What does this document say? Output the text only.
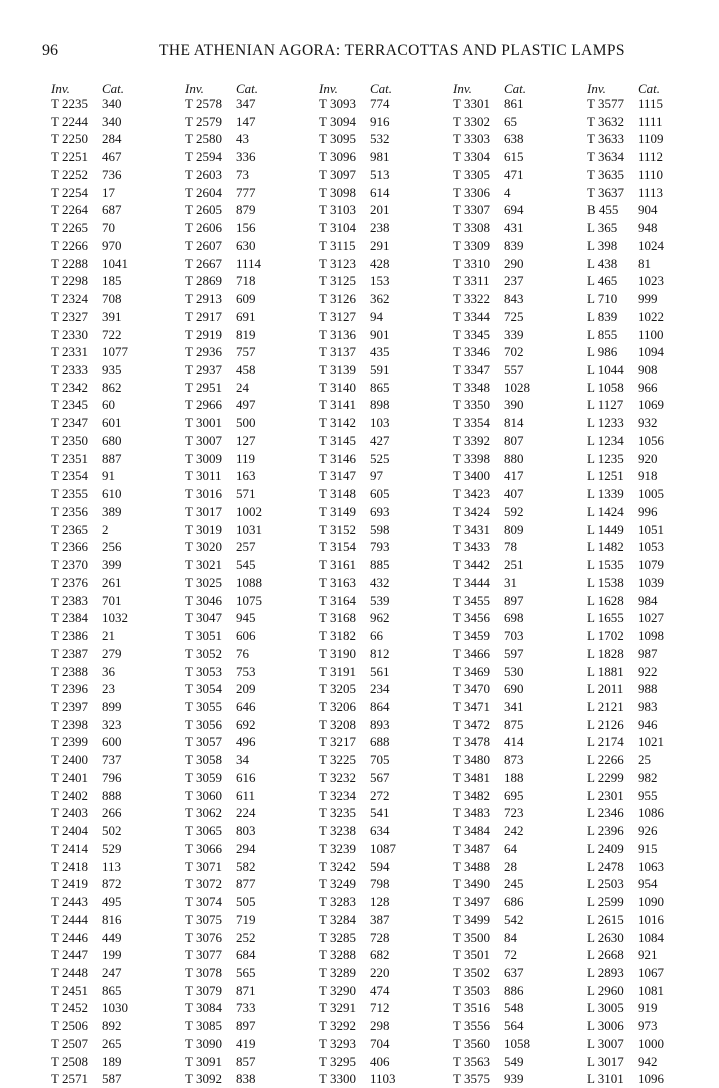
96	THE ATHENIAN AGORA: TERRACOTTAS AND PLASTIC LAMPS
Inv. Cat.
T 2235 340
T 2244 340
T 2250 284
T 2251 467
T 2252 736
T 2254 17
T 2264 687
T 2265 70
T 2266 970
T 2288 1041
T 2298 185
T 2324 708
T 2327 391
T 2330 722
T 2331 1077
T 2333 935
T 2342 862
T 2345 60
T 2347 601
T 2350 680
T 2351 887
T 2354 91
T 2355 610
T 2356 389
T 2365 2
T 2366 256
T 2370 399
T 2376 261
T 2383 701
T 2384 1032
T 2386 21
T 2387 279
T 2388 36
T 2396 23
T 2397 899
T 2398 323
T 2399 600
T 2400 737
T 2401 796
T 2402 888
T 2403 266
T 2404 502
T 2414 529
T 2418 113
T 2419 872
T 2443 495
T 2444 816
T 2446 449
T 2447 199
T 2448 247
T 2451 865
T 2452 1030
T 2506 892
T 2507 265
T 2508 189
T 2571 587
Inv. Cat.
T 2578 347
T 2579 147
T 2580 43
T 2594 336
T 2603 73
T 2604 777
T 2605 879
T 2606 156
T 2607 630
T 2667 1114
T 2869 718
T 2913 609
T 2917 691
T 2919 819
T 2936 757
T 2937 458
T 2951 24
T 2966 497
T 3001 500
T 3007 127
T 3009 119
T 3011 163
T 3016 571
T 3017 1002
T 3019 1031
T 3020 257
T 3021 545
T 3025 1088
T 3046 1075
T 3047 945
T 3051 606
T 3052 76
T 3053 753
T 3054 209
T 3055 646
T 3056 692
T 3057 496
T 3058 34
T 3059 616
T 3060 611
T 3062 224
T 3065 803
T 3066 294
T 3071 582
T 3072 877
T 3074 505
T 3075 719
T 3076 252
T 3077 684
T 3078 565
T 3079 871
T 3084 733
T 3085 897
T 3090 419
T 3091 857
T 3092 838
Inv. Cat.
T 3093 774
T 3094 916
T 3095 532
T 3096 981
T 3097 513
T 3098 614
T 3103 201
T 3104 238
T 3115 291
T 3123 428
T 3125 153
T 3126 362
T 3127 94
T 3136 901
T 3137 435
T 3139 591
T 3140 865
T 3141 898
T 3142 103
T 3145 427
T 3146 525
T 3147 97
T 3148 605
T 3149 693
T 3152 598
T 3154 793
T 3161 885
T 3163 432
T 3164 539
T 3168 962
T 3182 66
T 3190 812
T 3191 561
T 3205 234
T 3206 864
T 3208 893
T 3217 688
T 3225 705
T 3232 567
T 3234 272
T 3235 541
T 3238 634
T 3239 1087
T 3242 594
T 3249 798
T 3283 128
T 3284 387
T 3285 728
T 3288 682
T 3289 220
T 3290 474
T 3291 712
T 3292 298
T 3293 704
T 3295 406
T 3300 1103
Inv. Cat.
T 3301 861
T 3302 65
T 3303 638
T 3304 615
T 3305 471
T 3306 4
T 3307 694
T 3308 431
T 3309 839
T 3310 290
T 3311 237
T 3322 843
T 3344 725
T 3345 339
T 3346 702
T 3347 557
T 3348 1028
T 3350 390
T 3354 814
T 3392 807
T 3398 880
T 3400 417
T 3423 407
T 3424 592
T 3431 809
T 3433 78
T 3442 251
T 3444 31
T 3455 897
T 3456 698
T 3459 703
T 3466 597
T 3469 530
T 3470 690
T 3471 341
T 3472 875
T 3478 414
T 3480 873
T 3481 188
T 3482 695
T 3483 723
T 3484 242
T 3487 64
T 3488 28
T 3490 245
T 3497 686
T 3499 542
T 3500 84
T 3501 72
T 3502 637
T 3503 886
T 3516 548
T 3556 564
T 3560 1058
T 3563 549
T 3575 939
Inv. Cat.
T 3577 1115
T 3632 1111
T 3633 1109
T 3634 1112
T 3635 1110
T 3637 1113
B 455 904
L 365 948
L 398 1024
L 438 81
L 465 1023
L 710 999
L 839 1022
L 855 1100
L 986 1094
L 1044 908
L 1058 966
L 1127 1069
L 1233 932
L 1234 1056
L 1235 920
L 1251 918
L 1339 1005
L 1424 996
L 1449 1051
L 1482 1053
L 1535 1079
L 1538 1039
L 1628 984
L 1655 1027
L 1702 1098
L 1828 987
L 1881 922
L 2011 988
L 2121 983
L 2126 946
L 2174 1021
L 2266 25
L 2299 982
L 2301 955
L 2346 1086
L 2396 926
L 2409 915
L 2478 1063
L 2503 954
L 2599 1090
L 2615 1016
L 2630 1084
L 2668 921
L 2893 1067
L 2960 1081
L 3005 919
L 3006 973
L 3007 1000
L 3017 942
L 3101 1096
